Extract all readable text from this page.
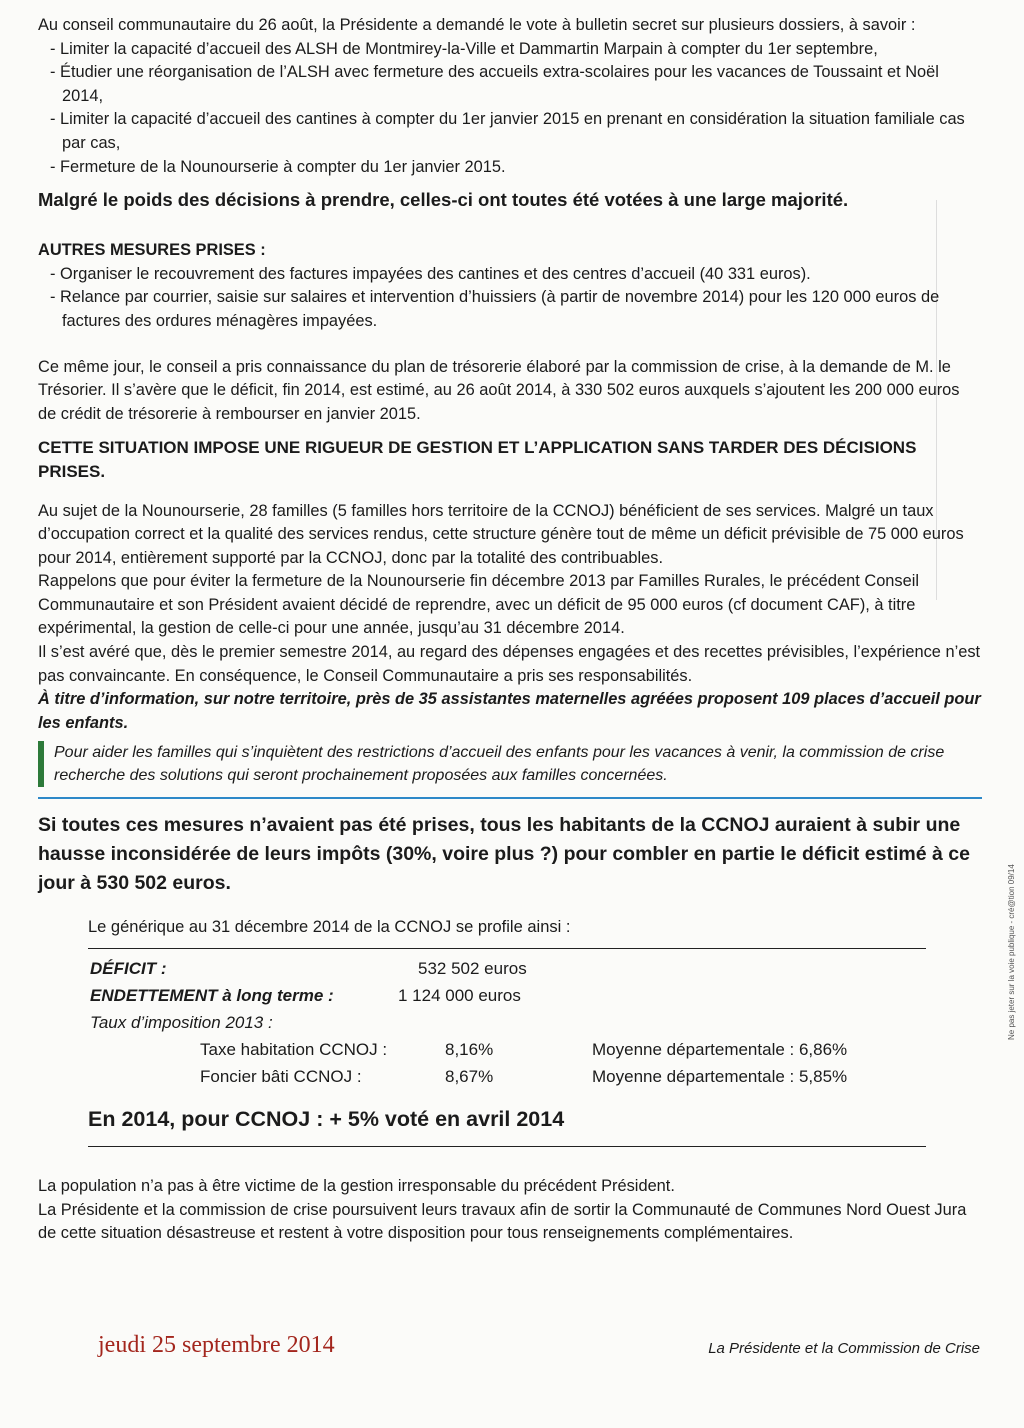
Au conseil communautaire du 26 août, la Présidente a demandé le vote à bulletin secret sur plusieurs dossiers, à savoir :

- Limiter la capacité d’accueil des ALSH de Montmirey-la-Ville et Dammartin Marpain à compter du 1er septembre,
- Étudier une réorganisation de l’ALSH avec fermeture des accueils extra-scolaires pour les vacances de Toussaint et Noël 2014,
- Limiter la capacité d’accueil des cantines à compter du 1er janvier 2015 en prenant en considération la situation familiale cas par cas,
- Fermeture de la Nounourserie à compter du 1er janvier 2015.

Malgré le poids des décisions à prendre, celles-ci ont toutes été votées à une large majorité.

AUTRES MESURES PRISES :

- Organiser le recouvrement des factures impayées des cantines et des centres d’accueil (40 331 euros).
- Relance par courrier, saisie sur salaires et intervention d’huissiers (à partir de novembre 2014) pour les 120 000 euros de factures des ordures ménagères impayées.

Ce même jour, le conseil a pris connaissance du plan de trésorerie élaboré par la commission de crise, à la demande de M. le Trésorier. Il s’avère que le déficit, fin 2014, est estimé, au 26 août 2014, à 330 502 euros auxquels s’ajoutent les 200 000 euros de crédit de trésorerie à rembourser en janvier 2015.

CETTE SITUATION IMPOSE UNE RIGUEUR DE GESTION ET L’APPLICATION SANS TARDER DES DÉCISIONS PRISES.

Au sujet de la Nounourserie, 28 familles (5 familles hors territoire de la CCNOJ) bénéficient de ses services. Malgré un taux d’occupation correct et la qualité des services rendus, cette structure génère tout de même un déficit prévisible de 75 000 euros pour 2014, entièrement supporté par la CCNOJ, donc par la totalité des contribuables.

Rappelons que pour éviter la fermeture de la Nounourserie fin décembre 2013 par Familles Rurales, le précédent Conseil Communautaire et son Président avaient décidé de reprendre, avec un déficit de 95 000 euros (cf document CAF), à titre expérimental, la gestion de celle-ci pour une année, jusqu’au 31 décembre 2014.

Il s’est avéré que, dès le premier semestre 2014, au regard des dépenses engagées et des recettes prévisibles, l’expérience n’est pas convaincante. En conséquence, le Conseil Communautaire a pris ses responsabilités.

À titre d’information, sur notre territoire, près de 35 assistantes maternelles agréées proposent 109 places d’accueil pour les enfants.

Pour aider les familles qui s’inquiètent des restrictions d’accueil des enfants pour les vacances à venir, la commission de crise recherche des solutions qui seront prochainement proposées aux familles concernées.

Si toutes ces mesures n’avaient pas été prises, tous les habitants de la CCNOJ auraient à subir une hausse inconsidérée de leurs impôts (30%, voire plus ?) pour combler en partie le déficit estimé à ce jour à 530 502 euros.

Le générique au 31 décembre 2014 de la CCNOJ se profile ainsi :

DÉFICIT :	532 502 euros
ENDETTEMENT à long terme :	1 124 000 euros
Taux d’imposition 2013 :
Taxe habitation CCNOJ :	8,16%	Moyenne départementale : 6,86%
Foncier bâti CCNOJ :	8,67%	Moyenne départementale : 5,85%

En 2014, pour CCNOJ : + 5% voté en avril 2014

La population n’a pas à être victime de la gestion irresponsable du précédent Président.

La Présidente et la commission de crise poursuivent leurs travaux afin de sortir la Communauté de Communes Nord Ouest Jura de cette situation désastreuse et restent à votre disposition pour tous renseignements complémentaires.

jeudi 25 septembre 2014	La Présidente et la Commission de Crise
Ne pas jeter sur la voie publique - cré@tion 09/14
